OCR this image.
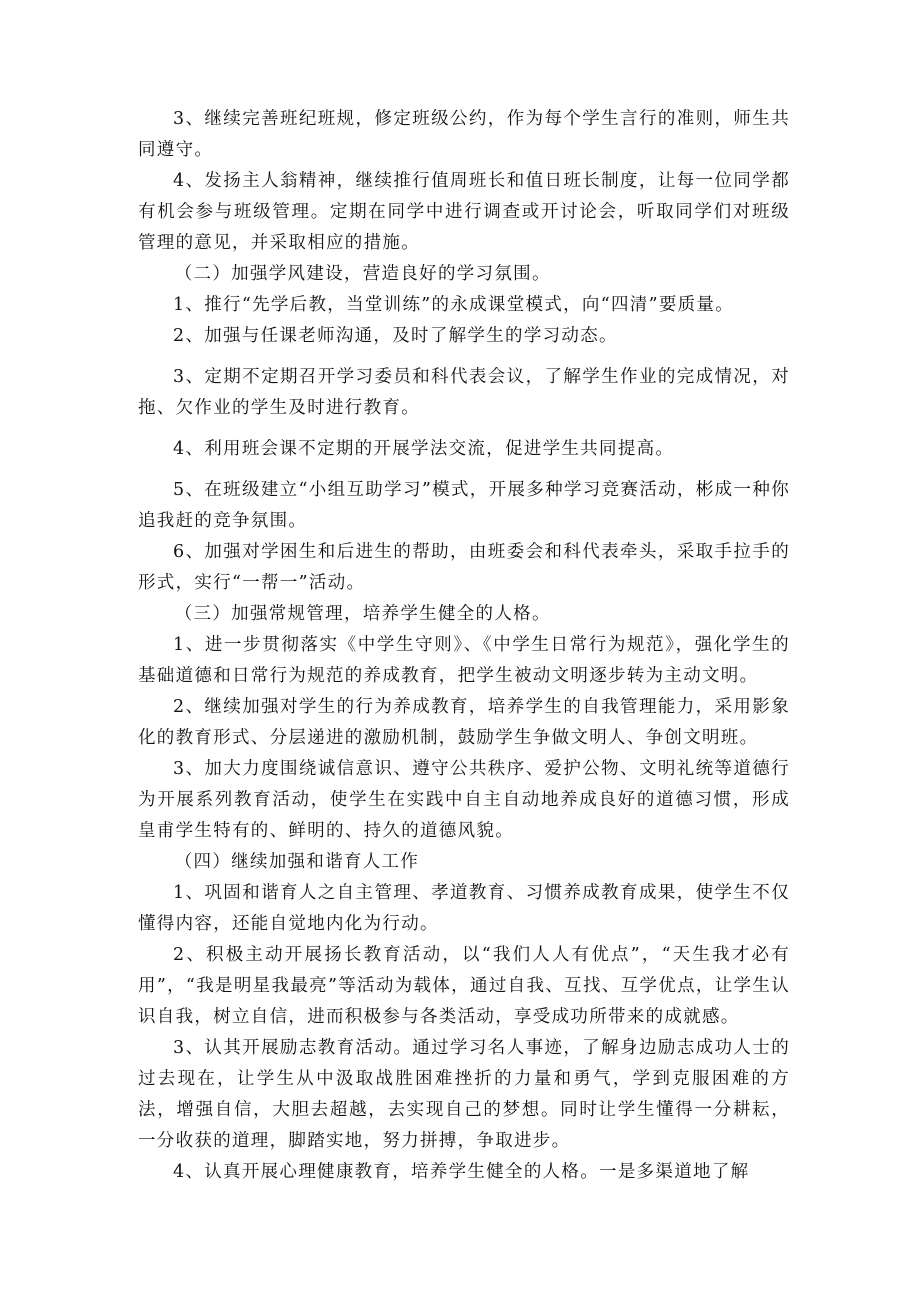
3、继续完善班纪班规，修定班级公约，作为每个学生言行的准则，师生共同遵守。

4、发扬主人翁精神，继续推行值周班长和值日班长制度，让每一位同学都有机会参与班级管理。定期在同学中进行调查或开讨论会，听取同学们对班级管理的意见，并采取相应的措施。

（二）加强学风建设，营造良好的学习氛围。

1、推行“先学后教，当堂训练”的永成课堂模式，向“四清”要质量。

2、加强与任课老师沟通，及时了解学生的学习动态。

3、定期不定期召开学习委员和科代表会议，了解学生作业的完成情况，对拖、欠作业的学生及时进行教育。

4、利用班会课不定期的开展学法交流，促进学生共同提高。

5、在班级建立“小组互助学习”模式，开展多种学习竞赛活动，彬成一种你追我赶的竞争氛围。

6、加强对学困生和后进生的帮助，由班委会和科代表牵头，采取手拉手的形式，实行“一帮一”活动。

（三）加强常规管理，培养学生健全的人格。

1、进一步贯彻落实《中学生守则》、《中学生日常行为规范》，强化学生的基础道德和日常行为规范的养成教育，把学生被动文明逐步转为主动文明。

2、继续加强对学生的行为养成教育，培养学生的自我管理能力，采用影象化的教育形式、分层递进的激励机制，鼓励学生争做文明人、争创文明班。

3、加大力度围绕诚信意识、遵守公共秩序、爱护公物、文明礼统等道德行为开展系列教育活动，使学生在实践中自主自动地养成良好的道德习惯，形成皇甫学生特有的、鲜明的、持久的道德风貌。

（四）继续加强和谐育人工作

1、巩固和谐育人之自主管理、孝道教育、习惯养成教育成果，使学生不仅懂得内容，还能自觉地内化为行动。

2、积极主动开展扬长教育活动，以“我们人人有优点”，“天生我才必有用”，“我是明星我最亮”等活动为载体，通过自我、互找、互学优点，让学生认识自我，树立自信，进而积极参与各类活动，享受成功所带来的成就感。

3、认其开展励志教育活动。通过学习名人事迹，了解身边励志成功人士的过去现在，让学生从中汲取战胜困难挫折的力量和勇气，学到克服困难的方法，增强自信，大胆去超越，去实现自己的梦想。同时让学生懂得一分耕耘，一分收获的道理，脚踏实地，努力拼搏，争取进步。

4、认真开展心理健康教育，培养学生健全的人格。一是多渠道地了解
